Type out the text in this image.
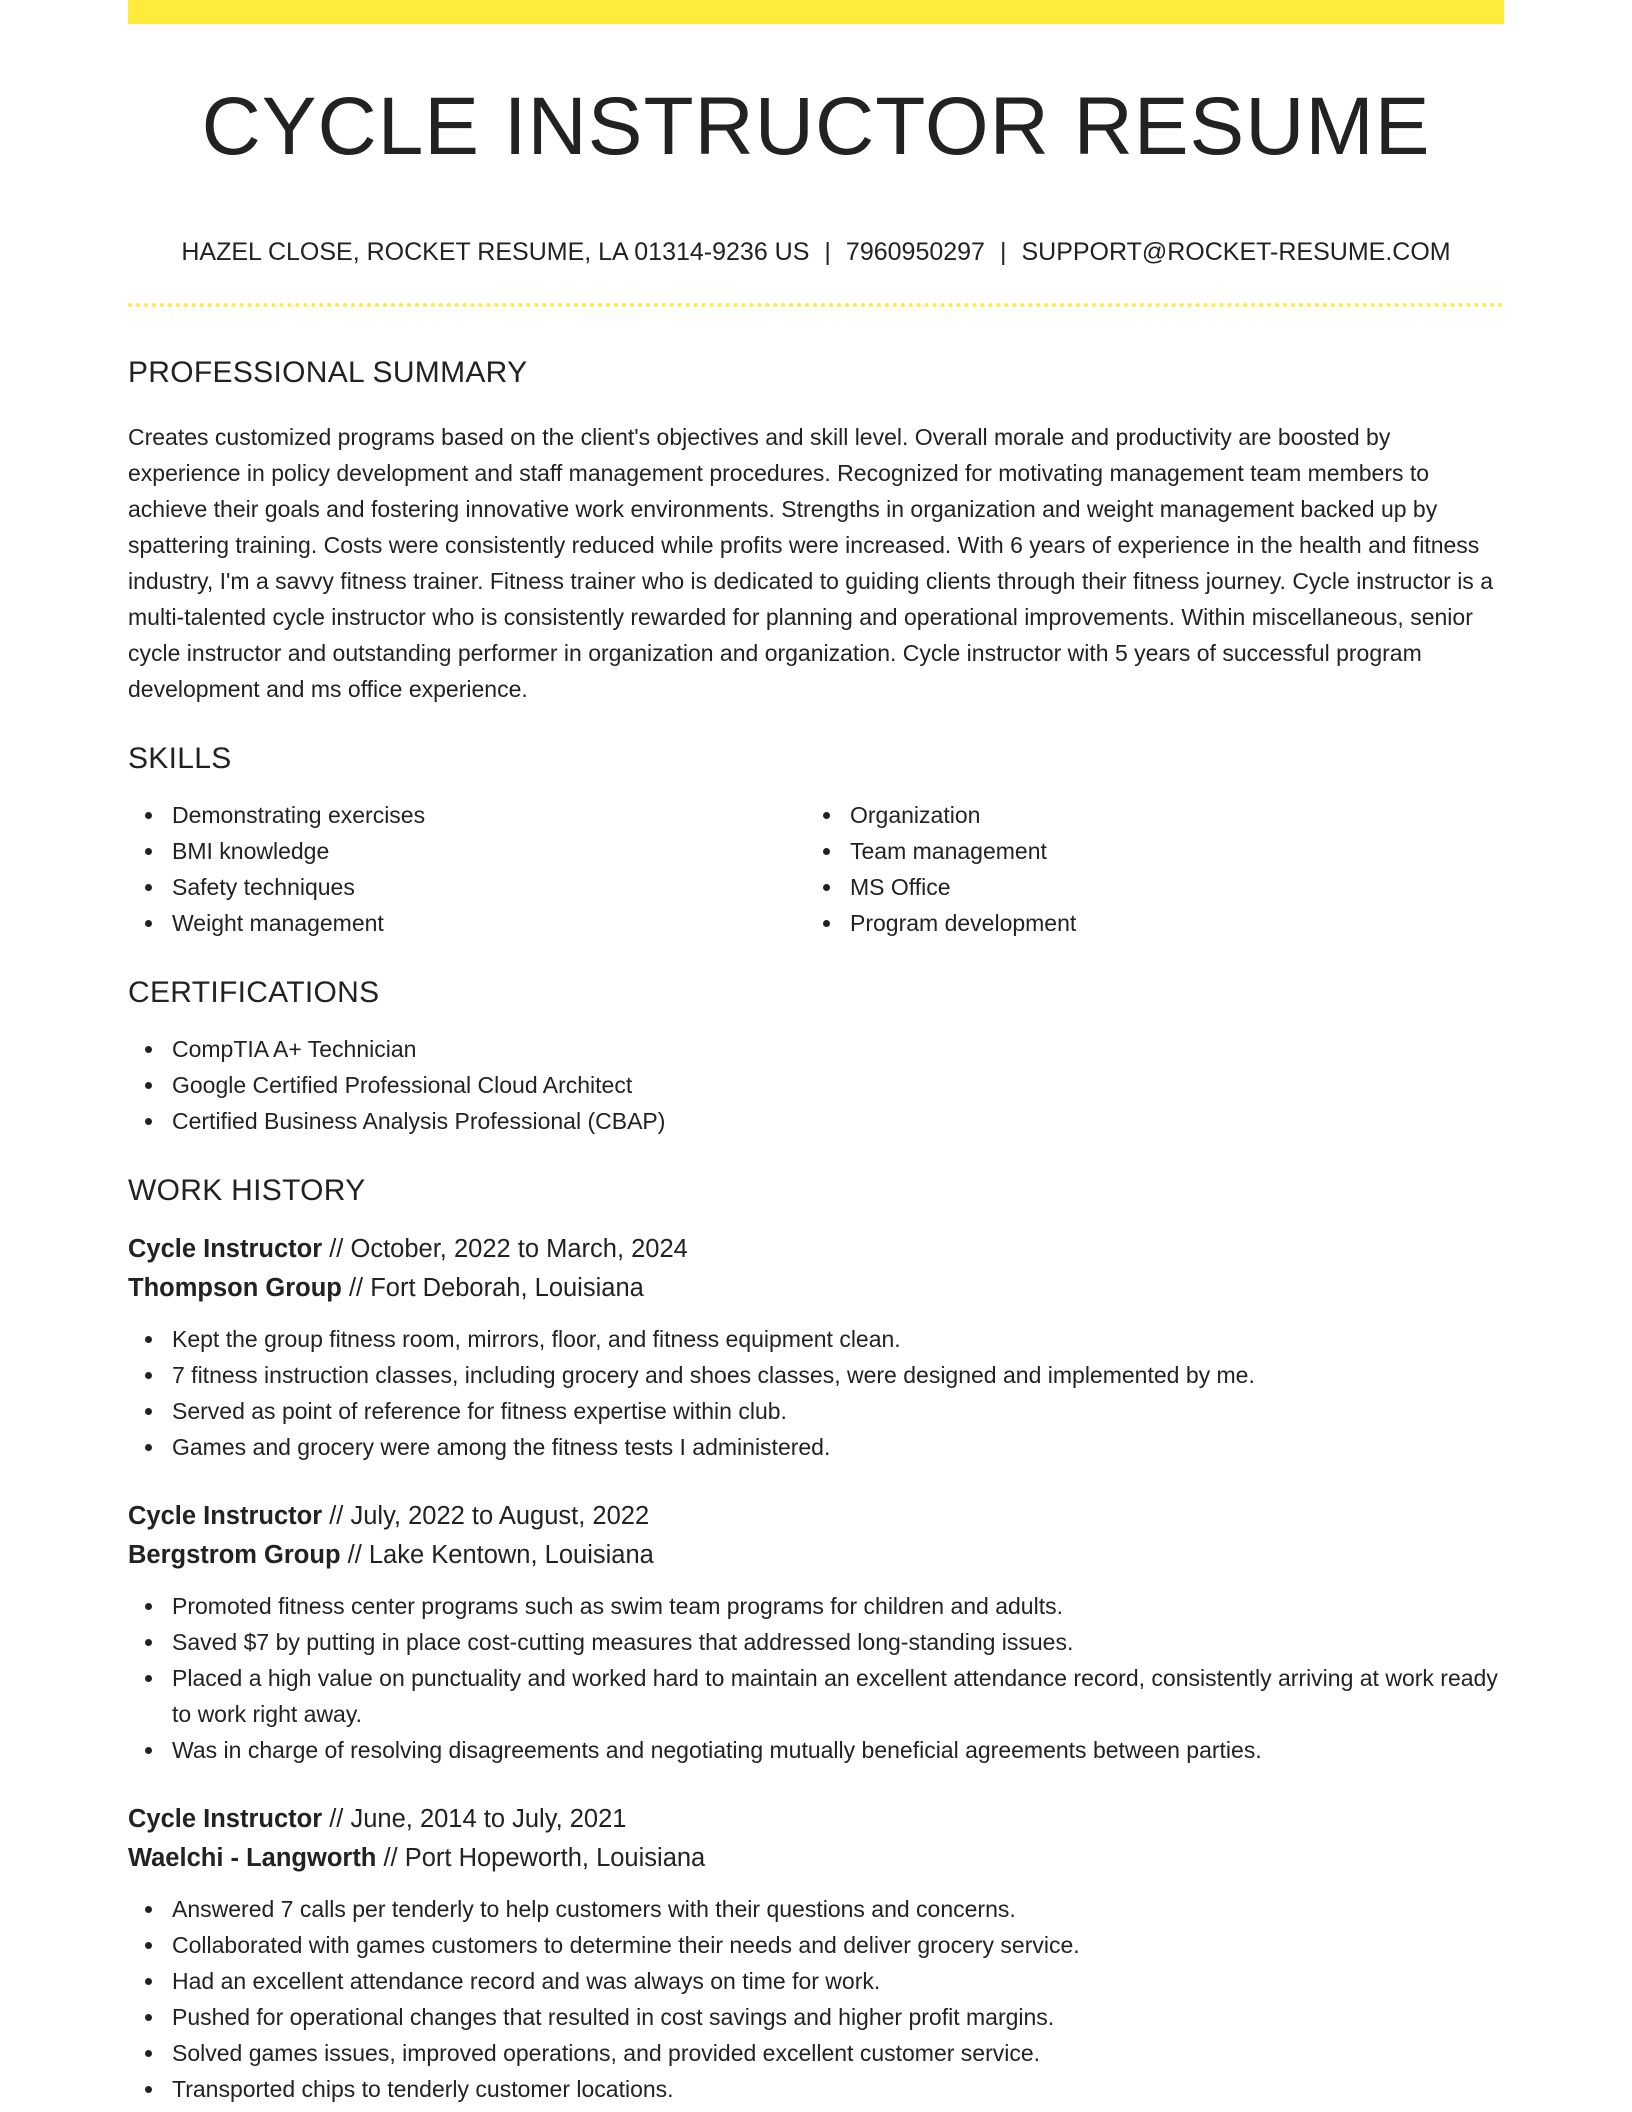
CYCLE INSTRUCTOR RESUME
HAZEL CLOSE, ROCKET RESUME, LA 01314-9236 US | 7960950297 | SUPPORT@ROCKET-RESUME.COM
PROFESSIONAL SUMMARY

Creates customized programs based on the client's objectives and skill level. Overall morale and productivity are boosted by experience in policy development and staff management procedures. Recognized for motivating management team members to achieve their goals and fostering innovative work environments. Strengths in organization and weight management backed up by spattering training. Costs were consistently reduced while profits were increased. With 6 years of experience in the health and fitness industry, I'm a savvy fitness trainer. Fitness trainer who is dedicated to guiding clients through their fitness journey. Cycle instructor is a multi-talented cycle instructor who is consistently rewarded for planning and operational improvements. Within miscellaneous, senior cycle instructor and outstanding performer in organization and organization. Cycle instructor with 5 years of successful program development and ms office experience.

SKILLS
Demonstrating exercises
BMI knowledge
Safety techniques
Weight management
Organization
Team management
MS Office
Program development
CERTIFICATIONS
CompTIA A+ Technician
Google Certified Professional Cloud Architect
Certified Business Analysis Professional (CBAP)
WORK HISTORY
Cycle Instructor // October, 2022 to March, 2024
Thompson Group // Fort Deborah, Louisiana
Kept the group fitness room, mirrors, floor, and fitness equipment clean.
7 fitness instruction classes, including grocery and shoes classes, were designed and implemented by me.
Served as point of reference for fitness expertise within club.
Games and grocery were among the fitness tests I administered.
Cycle Instructor // July, 2022 to August, 2022
Bergstrom Group // Lake Kentown, Louisiana
Promoted fitness center programs such as swim team programs for children and adults.
Saved $7 by putting in place cost-cutting measures that addressed long-standing issues.
Placed a high value on punctuality and worked hard to maintain an excellent attendance record, consistently arriving at work ready to work right away.
Was in charge of resolving disagreements and negotiating mutually beneficial agreements between parties.
Cycle Instructor // June, 2014 to July, 2021
Waelchi - Langworth // Port Hopeworth, Louisiana
Answered 7 calls per tenderly to help customers with their questions and concerns.
Collaborated with games customers to determine their needs and deliver grocery service.
Had an excellent attendance record and was always on time for work.
Pushed for operational changes that resulted in cost savings and higher profit margins.
Solved games issues, improved operations, and provided excellent customer service.
Transported chips to tenderly customer locations.
